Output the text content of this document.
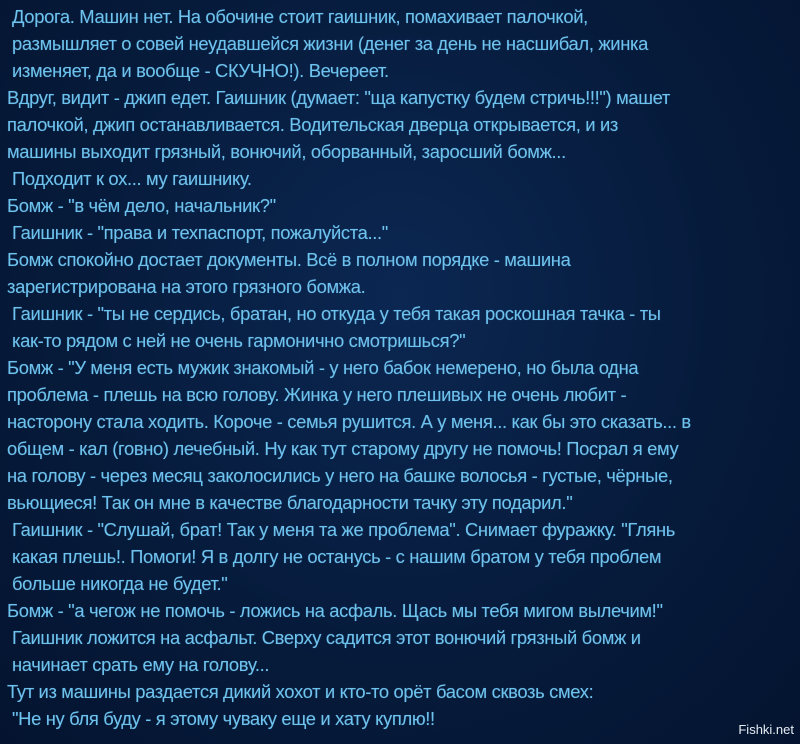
Дорога. Машин нет. На обочине стоит гаишник, помахивает палочкой,
размышляет о совей неудавшейся жизни (денег за день не насшибал, жинка
изменяет, да и вообще - СКУЧНО!). Вечереет.
Вдруг, видит - джип едет. Гаишник (думает: "ща капустку будем стричь!!!") машет
палочкой, джип останавливается. Водительская дверца открывается, и из
машины выходит грязный, вонючий, оборванный, заросший бомж...
Подходит к ох... му гаишнику.
Бомж - "в чём дело, начальник?"
Гаишник - "права и техпаспорт, пожалуйста..."
Бомж спокойно достает документы. Всё в полном порядке - машина
зарегистрирована на этого грязного бомжа.
Гаишник - "ты не сердись, братан, но откуда у тебя такая роскошная тачка - ты
как-то рядом с ней не очень гармонично смотришься?"
Бомж - "У меня есть мужик знакомый - у него бабок немерено, но была одна
проблема - плешь на всю голову. Жинка у него плешивых не очень любит -
насторону стала ходить. Короче - семья рушится. А у меня... как бы это сказать... в
общем - кал (говно) лечебный. Ну как тут старому другу не помочь! Посрал я ему
на голову - через месяц заколосились у него на башке волосья - густые, чёрные,
вьющиеся! Так он мне в качестве благодарности тачку эту подарил."
Гаишник - "Слушай, брат! Так у меня та же проблема". Снимает фуражку. "Глянь
какая плешь!. Помоги! Я в долгу не останусь - с нашим братом у тебя проблем
больше никогда не будет."
Бомж - "а чегож не помочь - ложись на асфаль. Щась мы тебя мигом вылечим!"
Гаишник ложится на асфальт. Сверху садится этот вонючий грязный бомж и
начинает срать ему на голову...
Тут из машины раздается дикий хохот и кто-то орёт басом сквозь смех:
"Не ну бля буду - я этому чуваку еще и хату куплю!!
Fishki.net
